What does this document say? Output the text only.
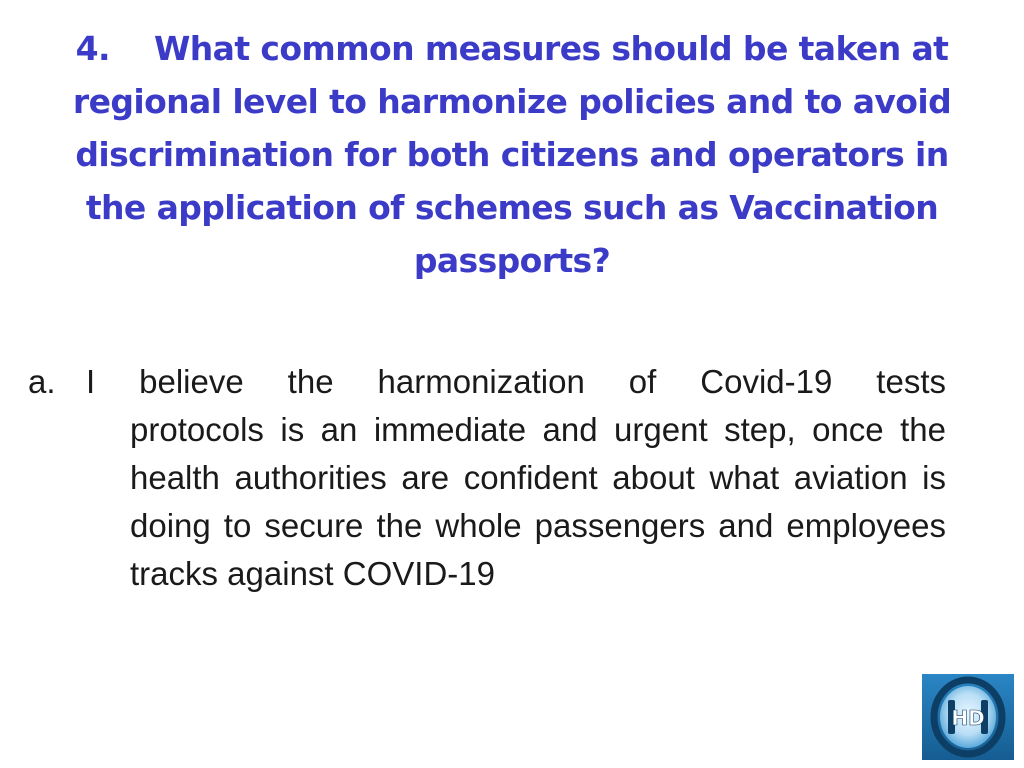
4. What common measures should be taken at regional level to harmonize policies and to avoid discrimination for both citizens and operators in the application of schemes such as Vaccination passports?
a. I believe the harmonization of Covid-19 tests
protocols is an immediate and urgent step, once the health authorities are confident about what aviation is doing to secure the whole passengers and employees tracks against COVID-19
HD
